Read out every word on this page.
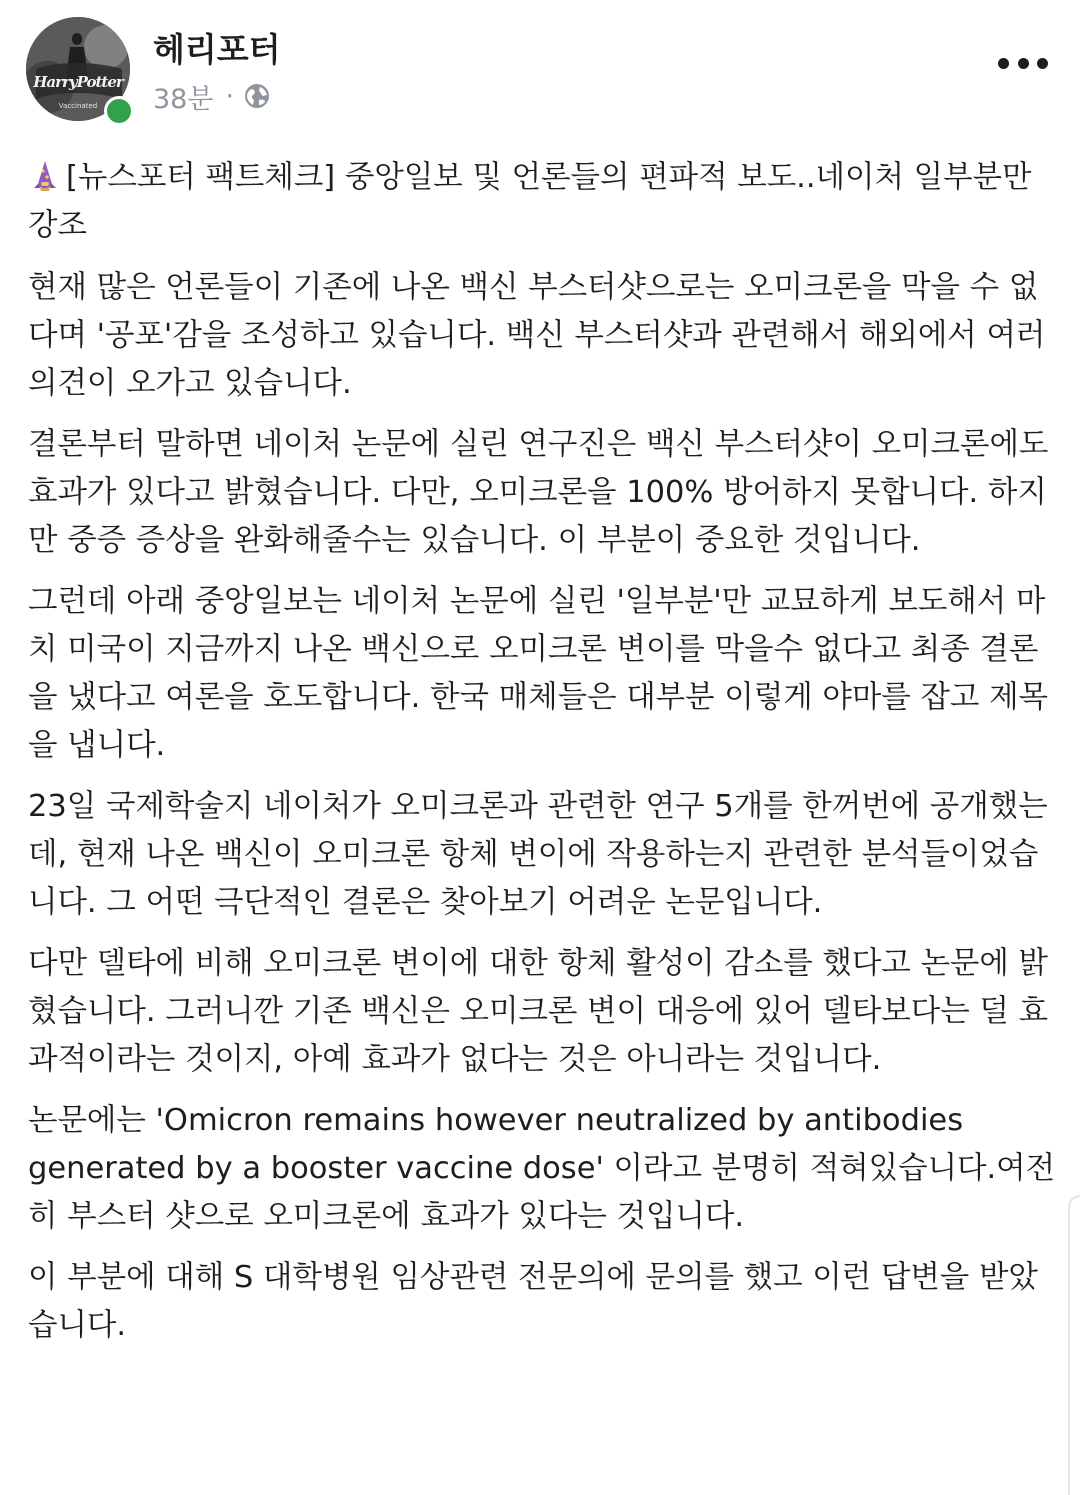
HarryPotter
Vaccinated
헤리포터
38분 ·

[뉴스포터 팩트체크] 중앙일보 및 언론들의 편파적 보도..네이처 일부분만 강조

현재 많은 언론들이 기존에 나온 백신 부스터샷으로는 오미크론을 막을 수 없다며 '공포'감을 조성하고 있습니다. 백신 부스터샷과 관련해서 해외에서 여러 의견이 오가고 있습니다.

결론부터 말하면 네이처 논문에 실린 연구진은 백신 부스터샷이 오미크론에도 효과가 있다고 밝혔습니다. 다만, 오미크론을 100% 방어하지 못합니다. 하지만 중증 증상을 완화해줄수는 있습니다. 이 부분이 중요한 것입니다.

그런데 아래 중앙일보는 네이처 논문에 실린 '일부분'만 교묘하게 보도해서 마치 미국이 지금까지 나온 백신으로 오미크론 변이를 막을수 없다고 최종 결론을 냈다고 여론을 호도합니다. 한국 매체들은 대부분 이렇게 야마를 잡고 제목을 냅니다.

23일 국제학술지 네이처가 오미크론과 관련한 연구 5개를 한꺼번에 공개했는데, 현재 나온 백신이 오미크론 항체 변이에 작용하는지 관련한 분석들이었습니다. 그 어떤 극단적인 결론은 찾아보기 어려운 논문입니다.

다만 델타에 비해 오미크론 변이에 대한 항체 활성이 감소를 했다고 논문에 밝혔습니다. 그러니깐 기존 백신은 오미크론 변이 대응에 있어 델타보다는 덜 효과적이라는 것이지, 아예 효과가 없다는 것은 아니라는 것입니다.

논문에는 'Omicron remains however neutralized by antibodies generated by a booster vaccine dose' 이라고 분명히 적혀있습니다.여전히 부스터 샷으로 오미크론에 효과가 있다는 것입니다.

이 부분에 대해 S 대학병원 임상관련 전문의에 문의를 했고 이런 답변을 받았습니다.
